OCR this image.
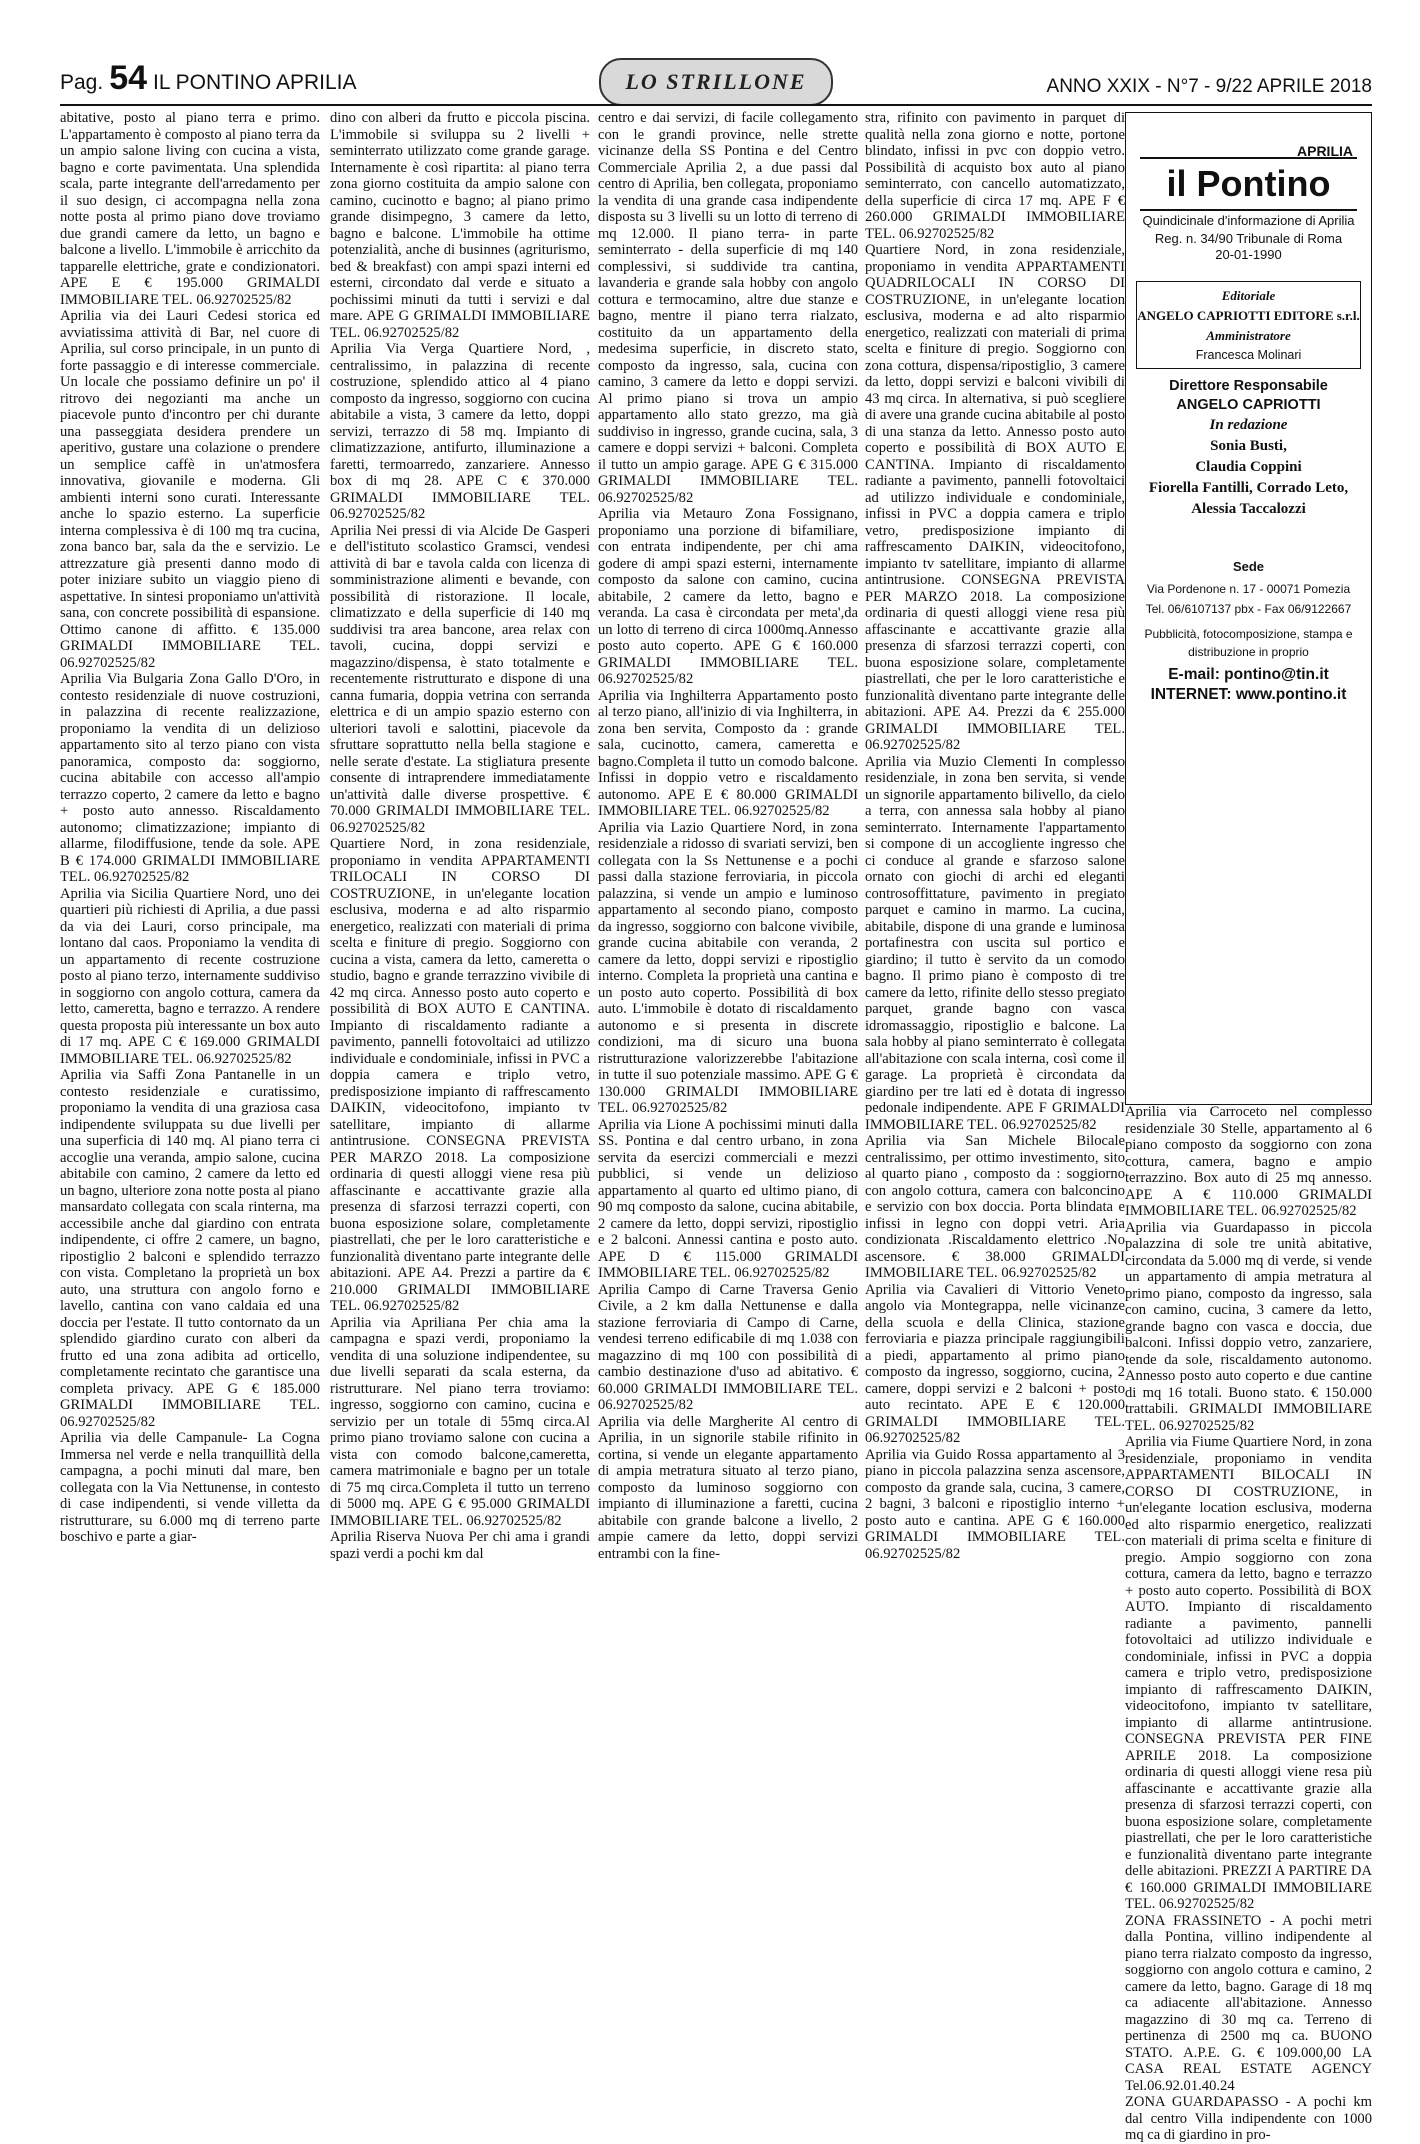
Pag. 54 IL PONTINO APRILIA	LO STRILLONE	ANNO XXIX - N°7 - 9/22 APRILE 2018

abitative, posto al piano terra e primo. L'appartamento è composto al piano terra da un ampio salone living con cucina a vista, bagno e corte pavimentata. Una splendida scala, parte integrante dell'arredamento per il suo design, ci accompagna nella zona notte posta al primo piano dove troviamo due grandi camere da letto, un bagno e balcone a livello. L'immobile è arricchito da tapparelle elettriche, grate e condizionatori. APE E € 195.000 GRIMALDI IMMOBILIARE TEL. 06.92702525/82

Aprilia via dei Lauri Cedesi storica ed avviatissima attività di Bar, nel cuore di Aprilia, sul corso principale, in un punto di forte passaggio e di interesse commerciale. Un locale che possiamo definire un po' il ritrovo dei negozianti ma anche un piacevole punto d'incontro per chi durante una passeggiata desidera prendere un aperitivo, gustare una colazione o prendere un semplice caffè in un'atmosfera innovativa, giovanile e moderna. Gli ambienti interni sono curati. Interessante anche lo spazio esterno. La superficie interna complessiva è di 100 mq tra cucina, zona banco bar, sala da the e servizio. Le attrezzature già presenti danno modo di poter iniziare subito un viaggio pieno di aspettative. In sintesi proponiamo un'attività sana, con concrete possibilità di espansione. Ottimo canone di affitto. € 135.000 GRIMALDI IMMOBILIARE TEL. 06.92702525/82

Aprilia Via Bulgaria Zona Gallo D'Oro, in contesto residenziale di nuove costruzioni, in palazzina di recente realizzazione, proponiamo la vendita di un delizioso appartamento sito al terzo piano con vista panoramica, composto da: soggiorno, cucina abitabile con accesso all'ampio terrazzo coperto, 2 camere da letto e bagno + posto auto annesso. Riscaldamento autonomo; climatizzazione; impianto di allarme, filodiffusione, tende da sole. APE B € 174.000 GRIMALDI IMMOBILIARE TEL. 06.92702525/82

Aprilia via Sicilia Quartiere Nord, uno dei quartieri più richiesti di Aprilia, a due passi da via dei Lauri, corso principale, ma lontano dal caos. Proponiamo la vendita di un appartamento di recente costruzione posto al piano terzo, internamente suddiviso in soggiorno con angolo cottura, camera da letto, cameretta, bagno e terrazzo. A rendere questa proposta più interessante un box auto di 17 mq. APE C € 169.000 GRIMALDI IMMOBILIARE TEL. 06.92702525/82

Aprilia via Saffi Zona Pantanelle in un contesto residenziale e curatissimo, proponiamo la vendita di una graziosa casa indipendente sviluppata su due livelli per una superficia di 140 mq. Al piano terra ci accoglie una veranda, ampio salone, cucina abitabile con camino, 2 camere da letto ed un bagno, ulteriore zona notte posta al piano mansardato collegata con scala rinterna, ma accessibile anche dal giardino con entrata indipendente, ci offre 2 camere, un bagno, ripostiglio 2 balconi e splendido terrazzo con vista. Completano la proprietà un box auto, una struttura con angolo forno e lavello, cantina con vano caldaia ed una doccia per l'estate. Il tutto contornato da un splendido giardino curato con alberi da frutto ed una zona adibita ad orticello, completamente recintato che garantisce una completa privacy. APE G € 185.000 GRIMALDI IMMOBILIARE TEL. 06.92702525/82

Aprilia via delle Campanule- La Cogna Immersa nel verde e nella tranquillità della campagna, a pochi minuti dal mare, ben collegata con la Via Nettunense, in contesto di case indipendenti, si vende villetta da ristrutturare, su 6.000 mq di terreno parte boschivo e parte a giar-

dino con alberi da frutto e piccola piscina. L'immobile si sviluppa su 2 livelli + seminterrato utilizzato come grande garage. Internamente è così ripartita: al piano terra zona giorno costituita da ampio salone con camino, cucinotto e bagno; al piano primo grande disimpegno, 3 camere da letto, bagno e balcone. L'immobile ha ottime potenzialità, anche di businnes (agriturismo, bed & breakfast) con ampi spazi interni ed esterni, circondato dal verde e situato a pochissimi minuti da tutti i servizi e dal mare. APE G GRIMALDI IMMOBILIARE TEL. 06.92702525/82

Aprilia Via Verga Quartiere Nord, , centralissimo, in palazzina di recente costruzione, splendido attico al 4 piano composto da ingresso, soggiorno con cucina abitabile a vista, 3 camere da letto, doppi servizi, terrazzo di 58 mq. Impianto di climatizzazione, antifurto, illuminazione a faretti, termoarredo, zanzariere. Annesso box di mq 28. APE C € 370.000 GRIMALDI IMMOBILIARE TEL. 06.92702525/82

Aprilia Nei pressi di via Alcide De Gasperi e dell'istituto scolastico Gramsci, vendesi attività di bar e tavola calda con licenza di somministrazione alimenti e bevande, con possibilità di ristorazione. Il locale, climatizzato e della superficie di 140 mq suddivisi tra area bancone, area relax con tavoli, cucina, doppi servizi e magazzino/dispensa, è stato totalmente e recentemente ristrutturato e dispone di una canna fumaria, doppia vetrina con serranda elettrica e di un ampio spazio esterno con ulteriori tavoli e salottini, piacevole da sfruttare soprattutto nella bella stagione e nelle serate d'estate. La stigliatura presente consente di intraprendere immediatamente un'attività dalle diverse prospettive. € 70.000 GRIMALDI IMMOBILIARE TEL. 06.92702525/82

Quartiere Nord, in zona residenziale, proponiamo in vendita APPARTAMENTI TRILOCALI IN CORSO DI COSTRUZIONE, in un'elegante location esclusiva, moderna e ad alto risparmio energetico, realizzati con materiali di prima scelta e finiture di pregio. Soggiorno con cucina a vista, camera da letto, cameretta o studio, bagno e grande terrazzino vivibile di 42 mq circa. Annesso posto auto coperto e possibilità di BOX AUTO E CANTINA. Impianto di riscaldamento radiante a pavimento, pannelli fotovoltaici ad utilizzo individuale e condominiale, infissi in PVC a doppia camera e triplo vetro, predisposizione impianto di raffrescamento DAIKIN, videocitofono, impianto tv satellitare, impianto di allarme antintrusione. CONSEGNA PREVISTA PER MARZO 2018. La composizione ordinaria di questi alloggi viene resa più affascinante e accattivante grazie alla presenza di sfarzosi terrazzi coperti, con buona esposizione solare, completamente piastrellati, che per le loro caratteristiche e funzionalità diventano parte integrante delle abitazioni. APE A4. Prezzi a partire da € 210.000 GRIMALDI IMMOBILIARE TEL. 06.92702525/82

Aprilia via Apriliana Per chia ama la campagna e spazi verdi, proponiamo la vendita di una soluzione indipendentee, su due livelli separati da scala esterna, da ristrutturare. Nel piano terra troviamo: ingresso, soggiorno con camino, cucina e servizio per un totale di 55mq circa.Al primo piano troviamo salone con cucina a vista con comodo balcone,cameretta, camera matrimoniale e bagno per un totale di 75 mq circa.Completa il tutto un terreno di 5000 mq. APE G € 95.000 GRIMALDI IMMOBILIARE TEL. 06.92702525/82

Aprilia Riserva Nuova Per chi ama i grandi spazi verdi a pochi km dal

centro e dai servizi, di facile collegamento con le grandi province, nelle strette vicinanze della SS Pontina e del Centro Commerciale Aprilia 2, a due passi dal centro di Aprilia, ben collegata, proponiamo la vendita di una grande casa indipendente disposta su 3 livelli su un lotto di terreno di mq 12.000. Il piano terra- in parte seminterrato - della superficie di mq 140 complessivi, si suddivide tra cantina, lavanderia e grande sala hobby con angolo cottura e termocamino, altre due stanze e bagno, mentre il piano terra rialzato, costituito da un appartamento della medesima superficie, in discreto stato, composto da ingresso, sala, cucina con camino, 3 camere da letto e doppi servizi. Al primo piano si trova un ampio appartamento allo stato grezzo, ma già suddiviso in ingresso, grande cucina, sala, 3 camere e doppi servizi + balconi. Completa il tutto un ampio garage. APE G € 315.000 GRIMALDI IMMOBILIARE TEL. 06.92702525/82

Aprilia via Metauro Zona Fossignano, proponiamo una porzione di bifamiliare, con entrata indipendente, per chi ama godere di ampi spazi esterni, internamente composto da salone con camino, cucina abitabile, 2 camere da letto, bagno e veranda. La casa è circondata per meta',da un lotto di terreno di circa 1000mq.Annesso posto auto coperto. APE G € 160.000 GRIMALDI IMMOBILIARE TEL. 06.92702525/82

Aprilia via Inghilterra Appartamento posto al terzo piano, all'inizio di via Inghilterra, in zona ben servita, Composto da : grande sala, cucinotto, camera, cameretta e bagno.Completa il tutto un comodo balcone. Infissi in doppio vetro e riscaldamento autonomo. APE E € 80.000 GRIMALDI IMMOBILIARE TEL. 06.92702525/82

Aprilia via Lazio Quartiere Nord, in zona residenziale a ridosso di svariati servizi, ben collegata con la Ss Nettunense e a pochi passi dalla stazione ferroviaria, in piccola palazzina, si vende un ampio e luminoso appartamento al secondo piano, composto da ingresso, soggiorno con balcone vivibile, grande cucina abitabile con veranda, 2 camere da letto, doppi servizi e ripostiglio interno. Completa la proprietà una cantina e un posto auto coperto. Possibilità di box auto. L'immobile è dotato di riscaldamento autonomo e si presenta in discrete condizioni, ma di sicuro una buona ristrutturazione valorizzerebbe l'abitazione in tutte il suo potenziale massimo. APE G € 130.000 GRIMALDI IMMOBILIARE TEL. 06.92702525/82

Aprilia via Lione A pochissimi minuti dalla SS. Pontina e dal centro urbano, in zona servita da esercizi commerciali e mezzi pubblici, si vende un delizioso appartamento al quarto ed ultimo piano, di 90 mq composto da salone, cucina abitabile, 2 camere da letto, doppi servizi, ripostiglio e 2 balconi. Annessi cantina e posto auto. APE D € 115.000 GRIMALDI IMMOBILIARE TEL. 06.92702525/82

Aprilia Campo di Carne Traversa Genio Civile, a 2 km dalla Nettunense e dalla stazione ferroviaria di Campo di Carne, vendesi terreno edificabile di mq 1.038 con magazzino di mq 100 con possibilità di cambio destinazione d'uso ad abitativo. € 60.000 GRIMALDI IMMOBILIARE TEL. 06.92702525/82

Aprilia via delle Margherite Al centro di Aprilia, in un signorile stabile rifinito in cortina, si vende un elegante appartamento di ampia metratura situato al terzo piano, composto da luminoso soggiorno con impianto di illuminazione a faretti, cucina abitabile con grande balcone a livello, 2 ampie camere da letto, doppi servizi entrambi con la fine-

stra, rifinito con pavimento in parquet di qualità nella zona giorno e notte, portone blindato, infissi in pvc con doppio vetro. Possibilità di acquisto box auto al piano seminterrato, con cancello automatizzato, della superficie di circa 17 mq. APE F € 260.000 GRIMALDI IMMOBILIARE TEL. 06.92702525/82

Quartiere Nord, in zona residenziale, proponiamo in vendita APPARTAMENTI QUADRILOCALI IN CORSO DI COSTRUZIONE, in un'elegante location esclusiva, moderna e ad alto risparmio energetico, realizzati con materiali di prima scelta e finiture di pregio. Soggiorno con zona cottura, dispensa/ripostiglio, 3 camere da letto, doppi servizi e balconi vivibili di 43 mq circa. In alternativa, si può scegliere di avere una grande cucina abitabile al posto di una stanza da letto. Annesso posto auto coperto e possibilità di BOX AUTO E CANTINA. Impianto di riscaldamento radiante a pavimento, pannelli fotovoltaici ad utilizzo individuale e condominiale, infissi in PVC a doppia camera e triplo vetro, predisposizione impianto di raffrescamento DAIKIN, videocitofono, impianto tv satellitare, impianto di allarme antintrusione. CONSEGNA PREVISTA PER MARZO 2018. La composizione ordinaria di questi alloggi viene resa più affascinante e accattivante grazie alla presenza di sfarzosi terrazzi coperti, con buona esposizione solare, completamente piastrellati, che per le loro caratteristiche e funzionalità diventano parte integrante delle abitazioni. APE A4. Prezzi da € 255.000 GRIMALDI IMMOBILIARE TEL. 06.92702525/82

Aprilia via Muzio Clementi In complesso residenziale, in zona ben servita, si vende un signorile appartamento bilivello, da cielo a terra, con annessa sala hobby al piano seminterrato. Internamente l'appartamento si compone di un accogliente ingresso che ci conduce al grande e sfarzoso salone ornato con giochi di archi ed eleganti controsoffittature, pavimento in pregiato parquet e camino in marmo. La cucina, abitabile, dispone di una grande e luminosa portafinestra con uscita sul portico e giardino; il tutto è servito da un comodo bagno. Il primo piano è composto di tre camere da letto, rifinite dello stesso pregiato parquet, grande bagno con vasca idromassaggio, ripostiglio e balcone. La sala hobby al piano seminterrato è collegata all'abitazione con scala interna, così come il garage. La proprietà è circondata da giardino per tre lati ed è dotata di ingresso pedonale indipendente. APE F GRIMALDI IMMOBILIARE TEL. 06.92702525/82

Aprilia via San Michele Bilocale centralissimo, per ottimo investimento, sito al quarto piano , composto da : soggiorno con angolo cottura, camera con balconcino e servizio con box doccia. Porta blindata e infissi in legno con doppi vetri. Aria condizionata .Riscaldamento elettrico .No ascensore. € 38.000 GRIMALDI IMMOBILIARE TEL. 06.92702525/82

Aprilia via Cavalieri di Vittorio Veneto angolo via Montegrappa, nelle vicinanze della scuola e della Clinica, stazione ferroviaria e piazza principale raggiungibili a piedi, appartamento al primo piano composto da ingresso, soggiorno, cucina, 2 camere, doppi servizi e 2 balconi + posto auto recintato. APE E € 120.000 GRIMALDI IMMOBILIARE TEL. 06.92702525/82

Aprilia via Guido Rossa appartamento al 3 piano in piccola palazzina senza ascensore, composto da grande sala, cucina, 3 camere, 2 bagni, 3 balconi e ripostiglio interno + posto auto e cantina. APE G € 160.000 GRIMALDI IMMOBILIARE TEL. 06.92702525/82

APRILIA
il Pontino
Quindicinale d'informazione di Aprilia
Reg. n. 34/90 Tribunale di Roma
20-01-1990
Editoriale
ANGELO CAPRIOTTI EDITORE s.r.l.
Amministratore
Francesca Molinari
Direttore Responsabile
ANGELO CAPRIOTTI
In redazione
Sonia Busti,
Claudia Coppini
Fiorella Fantilli, Corrado Leto,
Alessia Taccalozzi
Sede
Via Pordenone n. 17 - 00071 Pomezia
Tel. 06/6107137 pbx - Fax 06/9122667
Pubblicità, fotocomposizione, stampa e distribuzione in proprio
E-mail: pontino@tin.it
INTERNET: www.pontino.it

Aprilia via Carroceto nel complesso residenziale 30 Stelle, appartamento al 6 piano composto da soggiorno con zona cottura, camera, bagno e ampio terrazzino. Box auto di 25 mq annesso. APE A € 110.000 GRIMALDI IMMOBILIARE TEL. 06.92702525/82

Aprilia via Guardapasso in piccola palazzina di sole tre unità abitative, circondata da 5.000 mq di verde, si vende un appartamento di ampia metratura al primo piano, composto da ingresso, sala con camino, cucina, 3 camere da letto, grande bagno con vasca e doccia, due balconi. Infissi doppio vetro, zanzariere, tende da sole, riscaldamento autonomo. Annesso posto auto coperto e due cantine di mq 16 totali. Buono stato. € 150.000 trattabili. GRIMALDI IMMOBILIARE TEL. 06.92702525/82

Aprilia via Fiume Quartiere Nord, in zona residenziale, proponiamo in vendita APPARTAMENTI BILOCALI IN CORSO DI COSTRUZIONE, in un'elegante location esclusiva, moderna ed alto risparmio energetico, realizzati con materiali di prima scelta e finiture di pregio. Ampio soggiorno con zona cottura, camera da letto, bagno e terrazzo + posto auto coperto. Possibilità di BOX AUTO. Impianto di riscaldamento radiante a pavimento, pannelli fotovoltaici ad utilizzo individuale e condominiale, infissi in PVC a doppia camera e triplo vetro, predisposizione impianto di raffrescamento DAIKIN, videocitofono, impianto tv satellitare, impianto di allarme antintrusione. CONSEGNA PREVISTA PER FINE APRILE 2018. La composizione ordinaria di questi alloggi viene resa più affascinante e accattivante grazie alla presenza di sfarzosi terrazzi coperti, con buona esposizione solare, completamente piastrellati, che per le loro caratteristiche e funzionalità diventano parte integrante delle abitazioni. PREZZI A PARTIRE DA € 160.000 GRIMALDI IMMOBILIARE TEL. 06.92702525/82

ZONA FRASSINETO - A pochi metri dalla Pontina, villino indipendente al piano terra rialzato composto da ingresso, soggiorno con angolo cottura e camino, 2 camere da letto, bagno. Garage di 18 mq ca adiacente all'abitazione. Annesso magazzino di 30 mq ca. Terreno di pertinenza di 2500 mq ca. BUONO STATO. A.P.E. G. € 109.000,00 LA CASA REAL ESTATE AGENCY Tel.06.92.01.40.24

ZONA GUARDAPASSO - A pochi km dal centro Villa indipendente con 1000 mq ca di giardino in pro-
